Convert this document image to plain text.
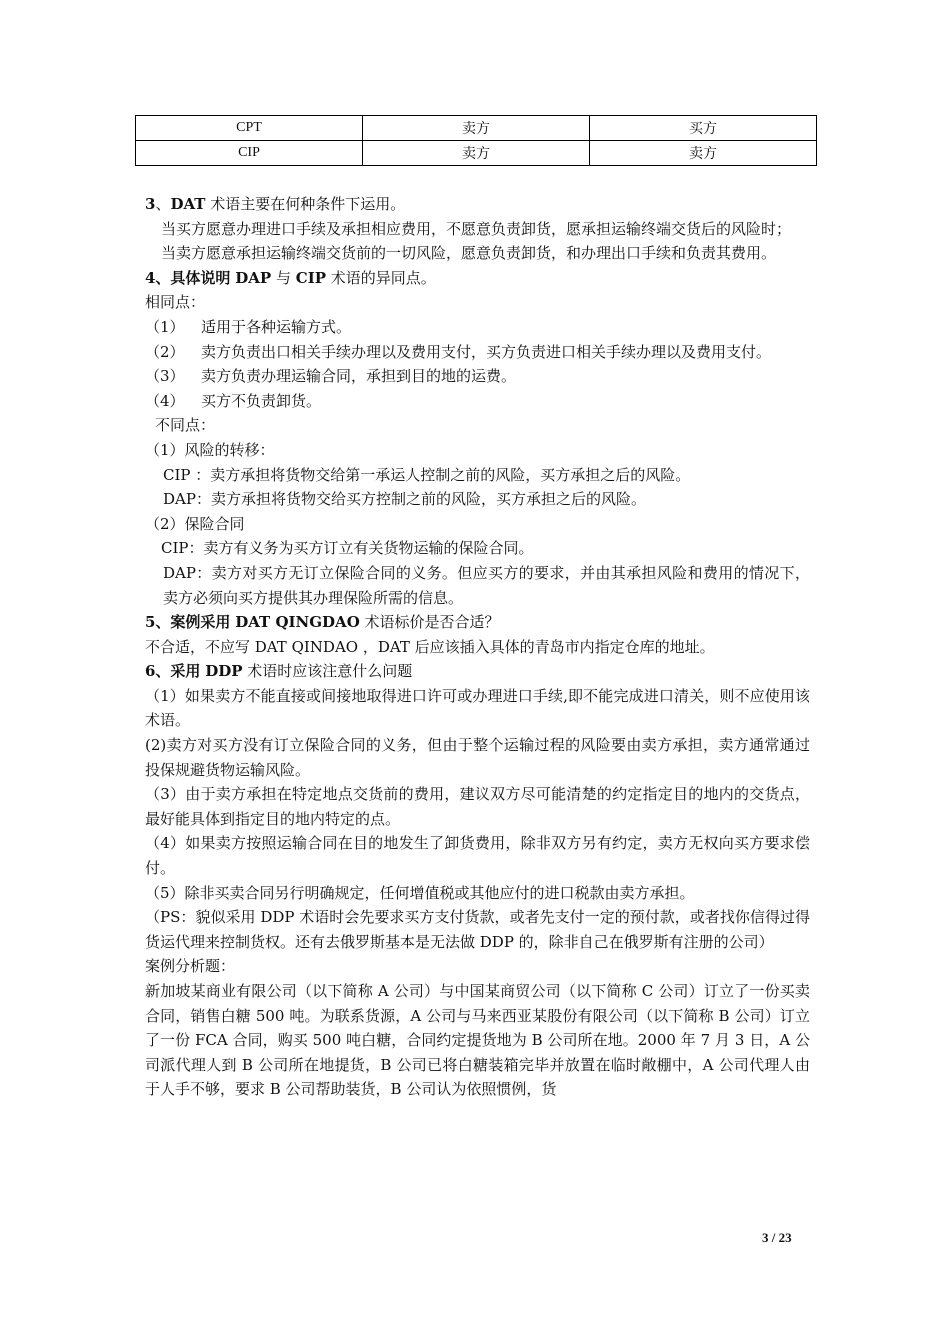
CPT	卖方	买方
CIP	卖方	卖方

3、DAT 术语主要在何种条件下运用。

当买方愿意办理进口手续及承担相应费用，不愿意负责卸货，愿承担运输终端交货后的风险时；

当卖方愿意承担运输终端交货前的一切风险，愿意负责卸货，和办理出口手续和负责其费用。

4、具体说明 DAP 与 CIP 术语的异同点。

相同点：

（1）	适用于各种运输方式。
（2）	卖方负责出口相关手续办理以及费用支付，买方负责进口相关手续办理以及费用支付。
（3）	卖方负责办理运输合同，承担到目的地的运费。
（4）	买方不负责卸货。

不同点：

（1）风险的转移：

CIP ：卖方承担将货物交给第一承运人控制之前的风险，买方承担之后的风险。

DAP：卖方承担将货物交给买方控制之前的风险，买方承担之后的风险。

（2）保险合同

CIP：卖方有义务为买方订立有关货物运输的保险合同。

DAP：卖方对买方无订立保险合同的义务。但应买方的要求，并由其承担风险和费用的情况下，卖方必须向买方提供其办理保险所需的信息。

5、案例采用 DAT QINGDAO 术语标价是否合适？

不合适，不应写 DAT QINDAO ，DAT 后应该插入具体的青岛市内指定仓库的地址。

6、采用 DDP 术语时应该注意什么问题

（1）如果卖方不能直接或间接地取得进口许可或办理进口手续,即不能完成进口清关，则不应使用该术语。

(2)卖方对买方没有订立保险合同的义务，但由于整个运输过程的风险要由卖方承担，卖方通常通过投保规避货物运输风险。

（3）由于卖方承担在特定地点交货前的费用，建议双方尽可能清楚的约定指定目的地内的交货点，最好能具体到指定目的地内特定的点。

（4）如果卖方按照运输合同在目的地发生了卸货费用，除非双方另有约定，卖方无权向买方要求偿付。

（5）除非买卖合同另行明确规定，任何增值税或其他应付的进口税款由卖方承担。

（PS：貌似采用 DDP 术语时会先要求买方支付货款，或者先支付一定的预付款，或者找你信得过得货运代理来控制货权。还有去俄罗斯基本是无法做 DDP 的，除非自己在俄罗斯有注册的公司）

案例分析题：

新加坡某商业有限公司（以下简称 A 公司）与中国某商贸公司（以下简称 C 公司）订立了一份买卖合同，销售白糖 500 吨。为联系货源，A 公司与马来西亚某股份有限公司（以下简称 B 公司）订立了一份 FCA 合同，购买 500 吨白糖，合同约定提货地为 B 公司所在地。2000 年 7 月 3 日，A 公司派代理人到 B 公司所在地提货，B 公司已将白糖装箱完毕并放置在临时敞棚中，A 公司代理人由于人手不够，要求 B 公司帮助装货，B 公司认为依照惯例，货

3 / 23
